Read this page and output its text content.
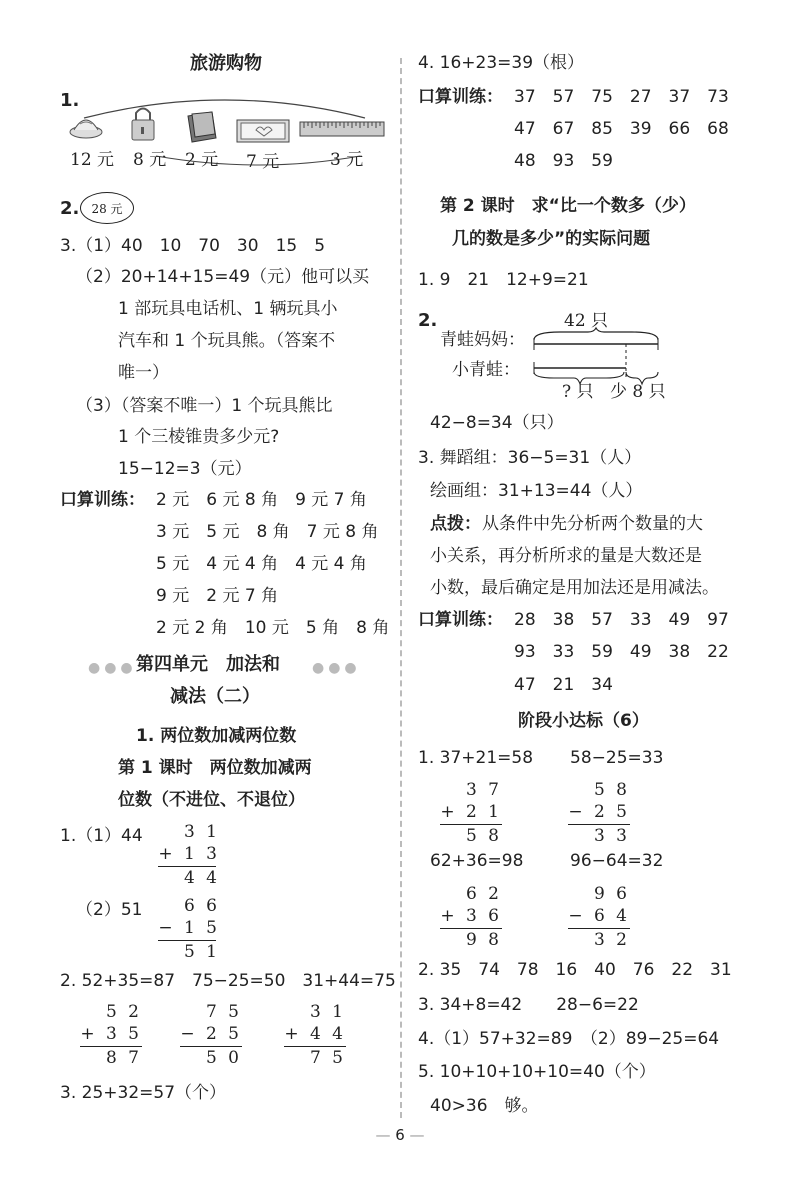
旅游购物
1.
12 元 8 元 2 元 7 元	3 元
2.	28 元
3.（1）40　10　70　30　15　5
（2）20+14+15=49（元）他可以买
1 部玩具电话机、1 辆玩具小
汽车和 1 个玩具熊。（答案不
唯一）
（3）（答案不唯一）1 个玩具熊比
1 个三棱锥贵多少元?
15−12=3（元）
口算训练： 2 元　6 元 8 角　9 元 7 角
3 元　5 元　8 角　7 元 8 角
5 元　4 元 4 角　4 元 4 角
9 元　2 元 7 角
2 元 2 角　10 元　5 角　8 角
●●● 第四单元　加法和 ●●●
减法（二）
1. 两位数加减两位数
第 1 课时　两位数加减两
位数（不进位、不退位）
1.（1）44 3 1
+ 1 3
4 4
（2）51 6 6
− 1 5
5 1
2. 52+35=87　75−25=50　31+44=75
5 2
+ 3 5
8 7
7 5
− 2 5
5 0
3 1
+ 4 4
7 5
3. 25+32=57（个）
4. 16+23=39（根）
口算训练： 37　57　75　27　37　73
47　67　85　39　66　68
48　93　59
第 2 课时　求“比一个数多（少）
几的数是多少”的实际问题
1. 9　21　12+9=21
2.
青蛙妈妈：
小青蛙：
42 只
? 只 少 8 只
42−8=34（只）
3. 舞蹈组：36−5=31（人）
绘画组：31+13=44（人）
点拨： 从条件中先分析两个数量的大
小关系，再分析所求的量是大数还是
小数，最后确定是用加法还是用减法。
口算训练： 28　38　57　33　49　97
93　33　59　49　38　22
47　21　34
阶段小达标（6）
1. 37+21=58 58−25=33
3 7
+ 2 1
5 8
5 8
− 2 5
3 3
62+36=98	96−64=32
6 2
+ 3 6
9 8
9 6
− 6 4
3 2
2. 35　74　78　16　40　76　22　31
3. 34+8=42　　28−6=22
4.（1）57+32=89　（2）89−25=64
5. 10+10+10+10=40（个）
40>36　够。
— 6 —
